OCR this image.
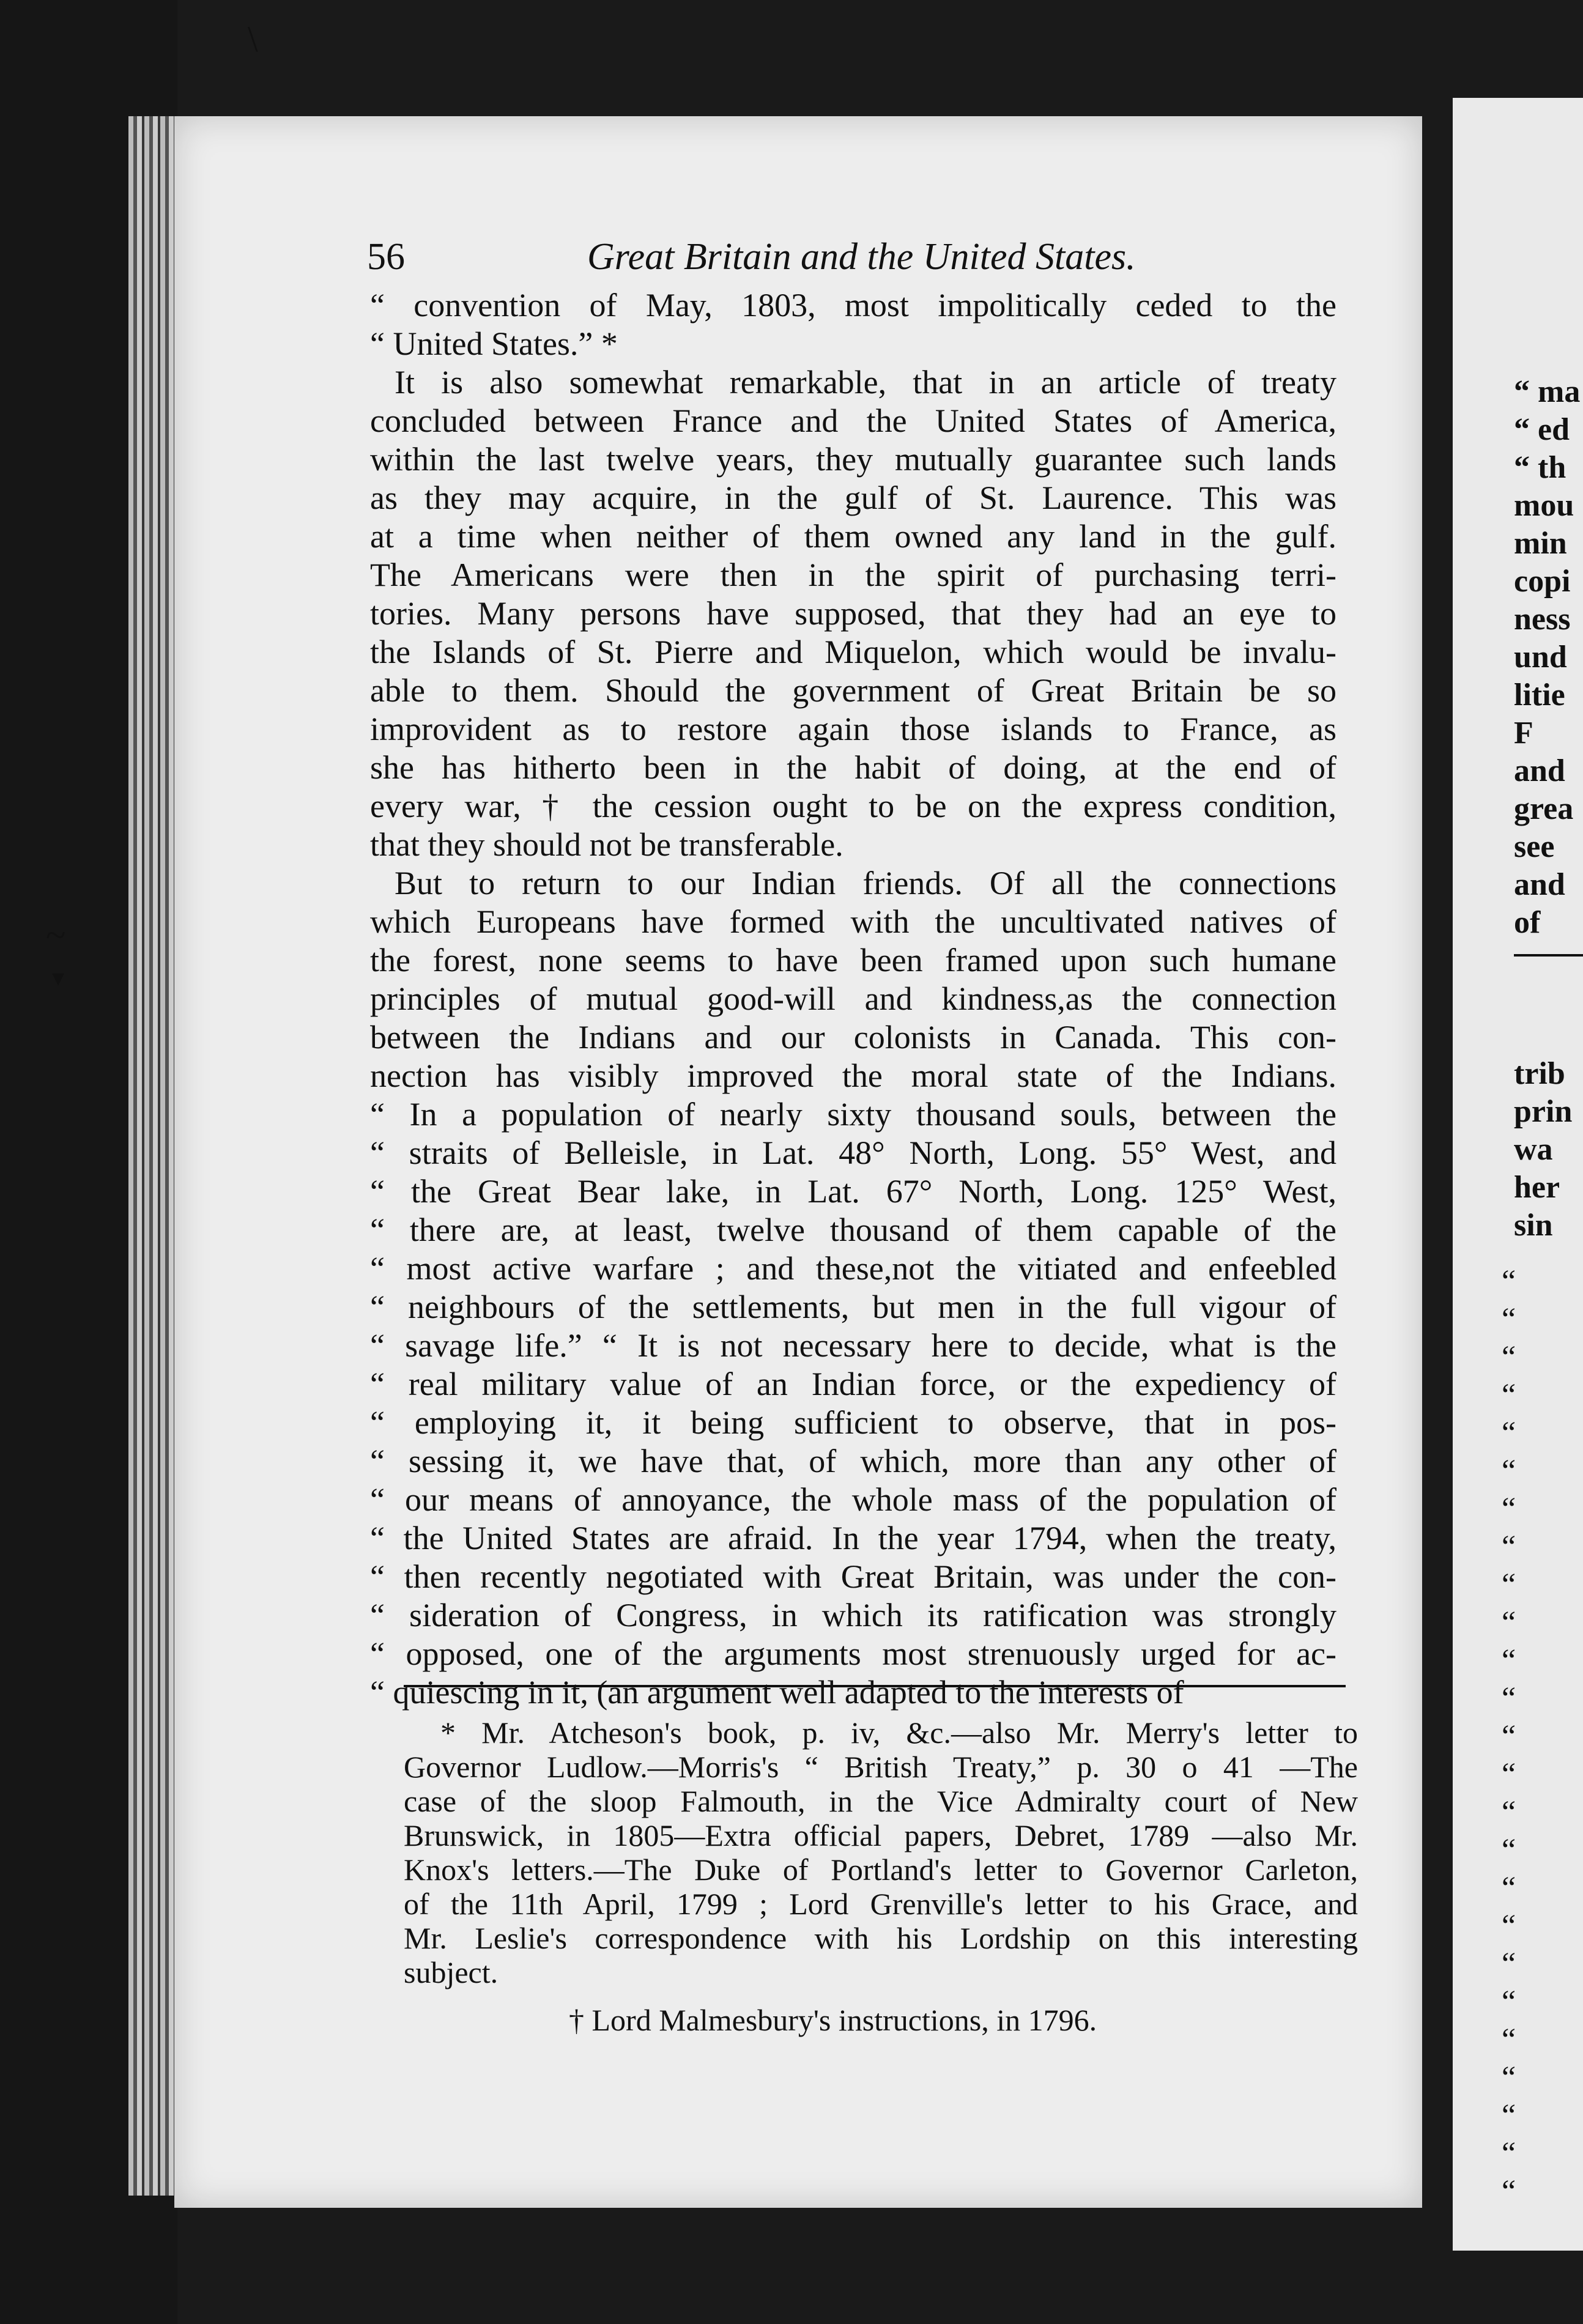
56	Great Britain and the United States.
“ convention of May, 1803, most impolitically ceded to the
“ United States.” *
It is also somewhat remarkable, that in an article of treaty
concluded between France and the United States of America,
within the last twelve years, they mutually guarantee such lands
as they may acquire, in the gulf of St. Laurence. This was
at a time when neither of them owned any land in the gulf.
The Americans were then in the spirit of purchasing terri-
tories. Many persons have supposed, that they had an eye to
the Islands of St. Pierre and Miquelon, which would be invalu-
able to them. Should the government of Great Britain be so
improvident as to restore again those islands to France, as
she has hitherto been in the habit of doing, at the end of
every war, † the cession ought to be on the express condition,
that they should not be transferable.
But to return to our Indian friends. Of all the connections
which Europeans have formed with the uncultivated natives of
the forest, none seems to have been framed upon such humane
principles of mutual good-will and kindness,as the connection
between the Indians and our colonists in Canada. This con-
nection has visibly improved the moral state of the Indians.
“ In a population of nearly sixty thousand souls, between the
“ straits of Belleisle, in Lat. 48° North, Long. 55° West, and
“ the Great Bear lake, in Lat. 67° North, Long. 125° West,
“ there are, at least, twelve thousand of them capable of the
“ most active warfare ; and these,not the vitiated and enfeebled
“ neighbours of the settlements, but men in the full vigour of
“ savage life.” “ It is not necessary here to decide, what is the
“ real military value of an Indian force, or the expediency of
“ employing it, it being sufficient to observe, that in pos-
“ sessing it, we have that, of which, more than any other of
“ our means of annoyance, the whole mass of the population of
“ the United States are afraid. In the year 1794, when the treaty,
“ then recently negotiated with Great Britain, was under the con-
“ sideration of Congress, in which its ratification was strongly
“ opposed, one of the arguments most strenuously urged for ac-
“ quiescing in it, (an argument well adapted to the interests of
* Mr. Atcheson's book, p. iv, &c.—also Mr. Merry's letter to
Governor Ludlow.—Morris's “ British Treaty,” p. 30 o 41 —The
case of the sloop Falmouth, in the Vice Admiralty court of New
Brunswick, in 1805—Extra official papers, Debret, 1789 —also Mr.
Knox's letters.—The Duke of Portland's letter to Governor Carleton,
of the 11th April, 1799 ; Lord Grenville's letter to his Grace, and
Mr. Leslie's correspondence with his Lordship on this interesting
subject.
† Lord Malmesbury's instructions, in 1796.
“ ma
“ ed
“ th
mou
min
copi
ness
und
litie
F
and
grea
see
and
of
trib
prin
wa
her
sin
“
“
“
“
“
“
“
“
“
“
“
“
“
“
“
“
“
“
“
“
“
“
“
“
“
\
~
▾
